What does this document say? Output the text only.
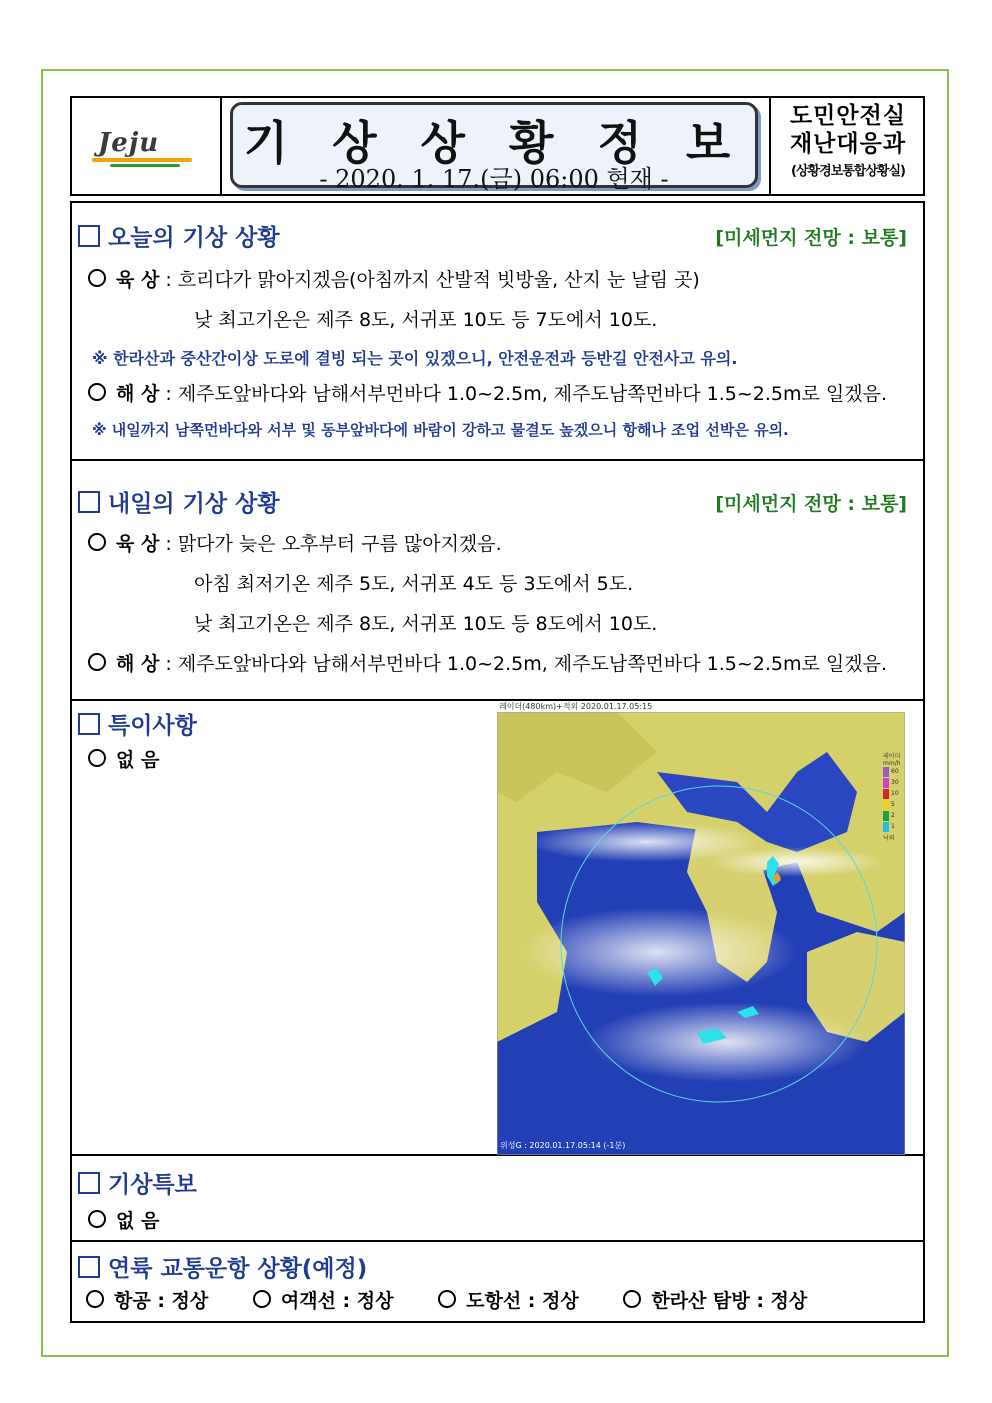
Jeju 기 상 상 황 정 보
- 2020. 1. 17.(금) 06:00 현재 -
도민안전실
재난대응과
(상황경보통합상황실)
오늘의 기상 상황	[미세먼지 전망 : 보통]
육 상 : 흐리다가 맑아지겠음(아침까지 산발적 빗방울, 산지 눈 날림 곳)
낮 최고기온은 제주 8도, 서귀포 10도 등 7도에서 10도.
※ 한라산과 중산간이상 도로에 결빙 되는 곳이 있겠으니, 안전운전과 등반길 안전사고 유의.
해 상 : 제주도앞바다와 남해서부먼바다 1.0~2.5m, 제주도남쪽먼바다 1.5~2.5m로 일겠음.
※ 내일까지 남쪽먼바다와 서부 및 동부앞바다에 바람이 강하고 물결도 높겠으니 항해나 조업 선박은 유의.
내일의 기상 상황	[미세먼지 전망 : 보통]
육 상 : 맑다가 늦은 오후부터 구름 많아지겠음.
아침 최저기온 제주 5도, 서귀포 4도 등 3도에서 5도.
낮 최고기온은 제주 8도, 서귀포 10도 등 8도에서 10도.
해 상 : 제주도앞바다와 남해서부먼바다 1.0~2.5m, 제주도남쪽먼바다 1.5~2.5m로 일겠음.
특이사항
없 음
레이더(480km)+적외 2020.01.17.05:15
레이더
mm/h
60
30
10
5
2
1
낙뢰
위성G : 2020.01.17.05:14 (-1분)
기상특보
없 음
연륙 교통운항 상황(예정)
항공 : 정상	여객선 : 정상	도항선 : 정상	한라산 탐방 : 정상
